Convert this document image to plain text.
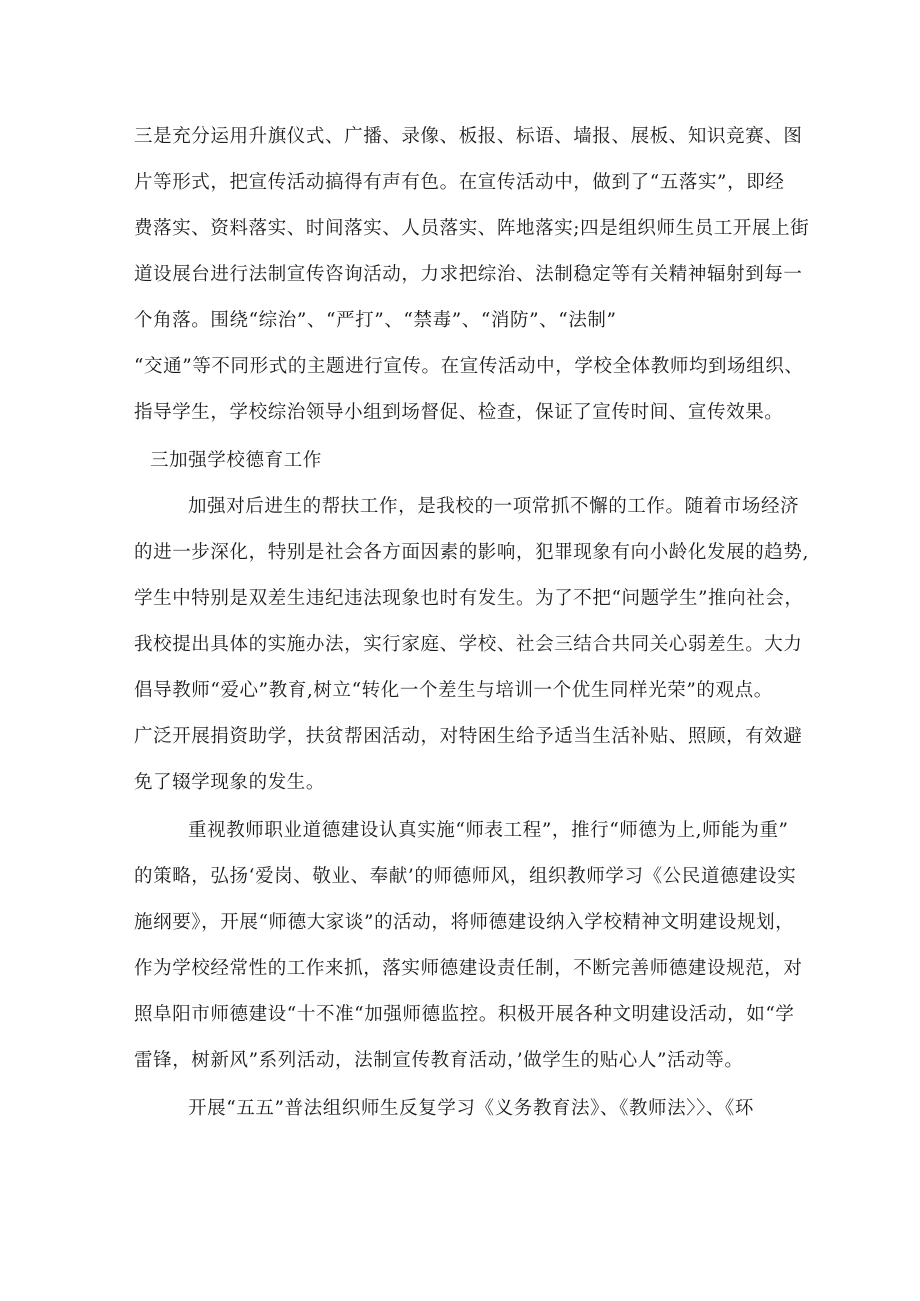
三是充分运用升旗仪式、广播、录像、板报、标语、墙报、展板、知识竞赛、图

片等形式，把宣传活动搞得有声有色。在宣传活动中，做到了“五落实”，即经

费落实、资料落实、时间落实、人员落实、阵地落实;四是组织师生员工开展上街

道设展台进行法制宣传咨询活动，力求把综治、法制稳定等有关精神辐射到每一

个角落。围绕“综治”、“严打”、“禁毒”、“消防”、“法制”

“交通”等不同形式的主题进行宣传。在宣传活动中，学校全体教师均到场组织、

指导学生，学校综治领导小组到场督促、检查，保证了宣传时间、宣传效果。

三加强学校德育工作

加强对后进生的帮扶工作，是我校的一项常抓不懈的工作。随着市场经济

的进一步深化，特别是社会各方面因素的影响，犯罪现象有向小龄化发展的趋势,

学生中特别是双差生违纪违法现象也时有发生。为了不把“问题学生”推向社会，

我校提出具体的实施办法，实行家庭、学校、社会三结合共同关心弱差生。大力

倡导教师“爱心”教育,树立“转化一个差生与培训一个优生同样光荣”的观点。

广泛开展捐资助学，扶贫帮困活动，对特困生给予适当生活补贴、照顾，有效避

免了辍学现象的发生。

重视教师职业道德建设认真实施“师表工程”，推行“师德为上,师能为重”

的策略，弘扬‘爱岗、敬业、奉献’的师德师风，组织教师学习《公民道德建设实

施纲要》，开展“师德大家谈”的活动，将师德建设纳入学校精神文明建设规划，

作为学校经常性的工作来抓，落实师德建设责任制，不断完善师德建设规范，对

照阜阳市师德建设“十不准“加强师德监控。积极开展各种文明建设活动，如“学

雷锋，树新风”系列活动，法制宣传教育活动，’做学生的贴心人”活动等。

开展“五五”普法组织师生反复学习《义务教育法》、《教师法〉〉、《环
